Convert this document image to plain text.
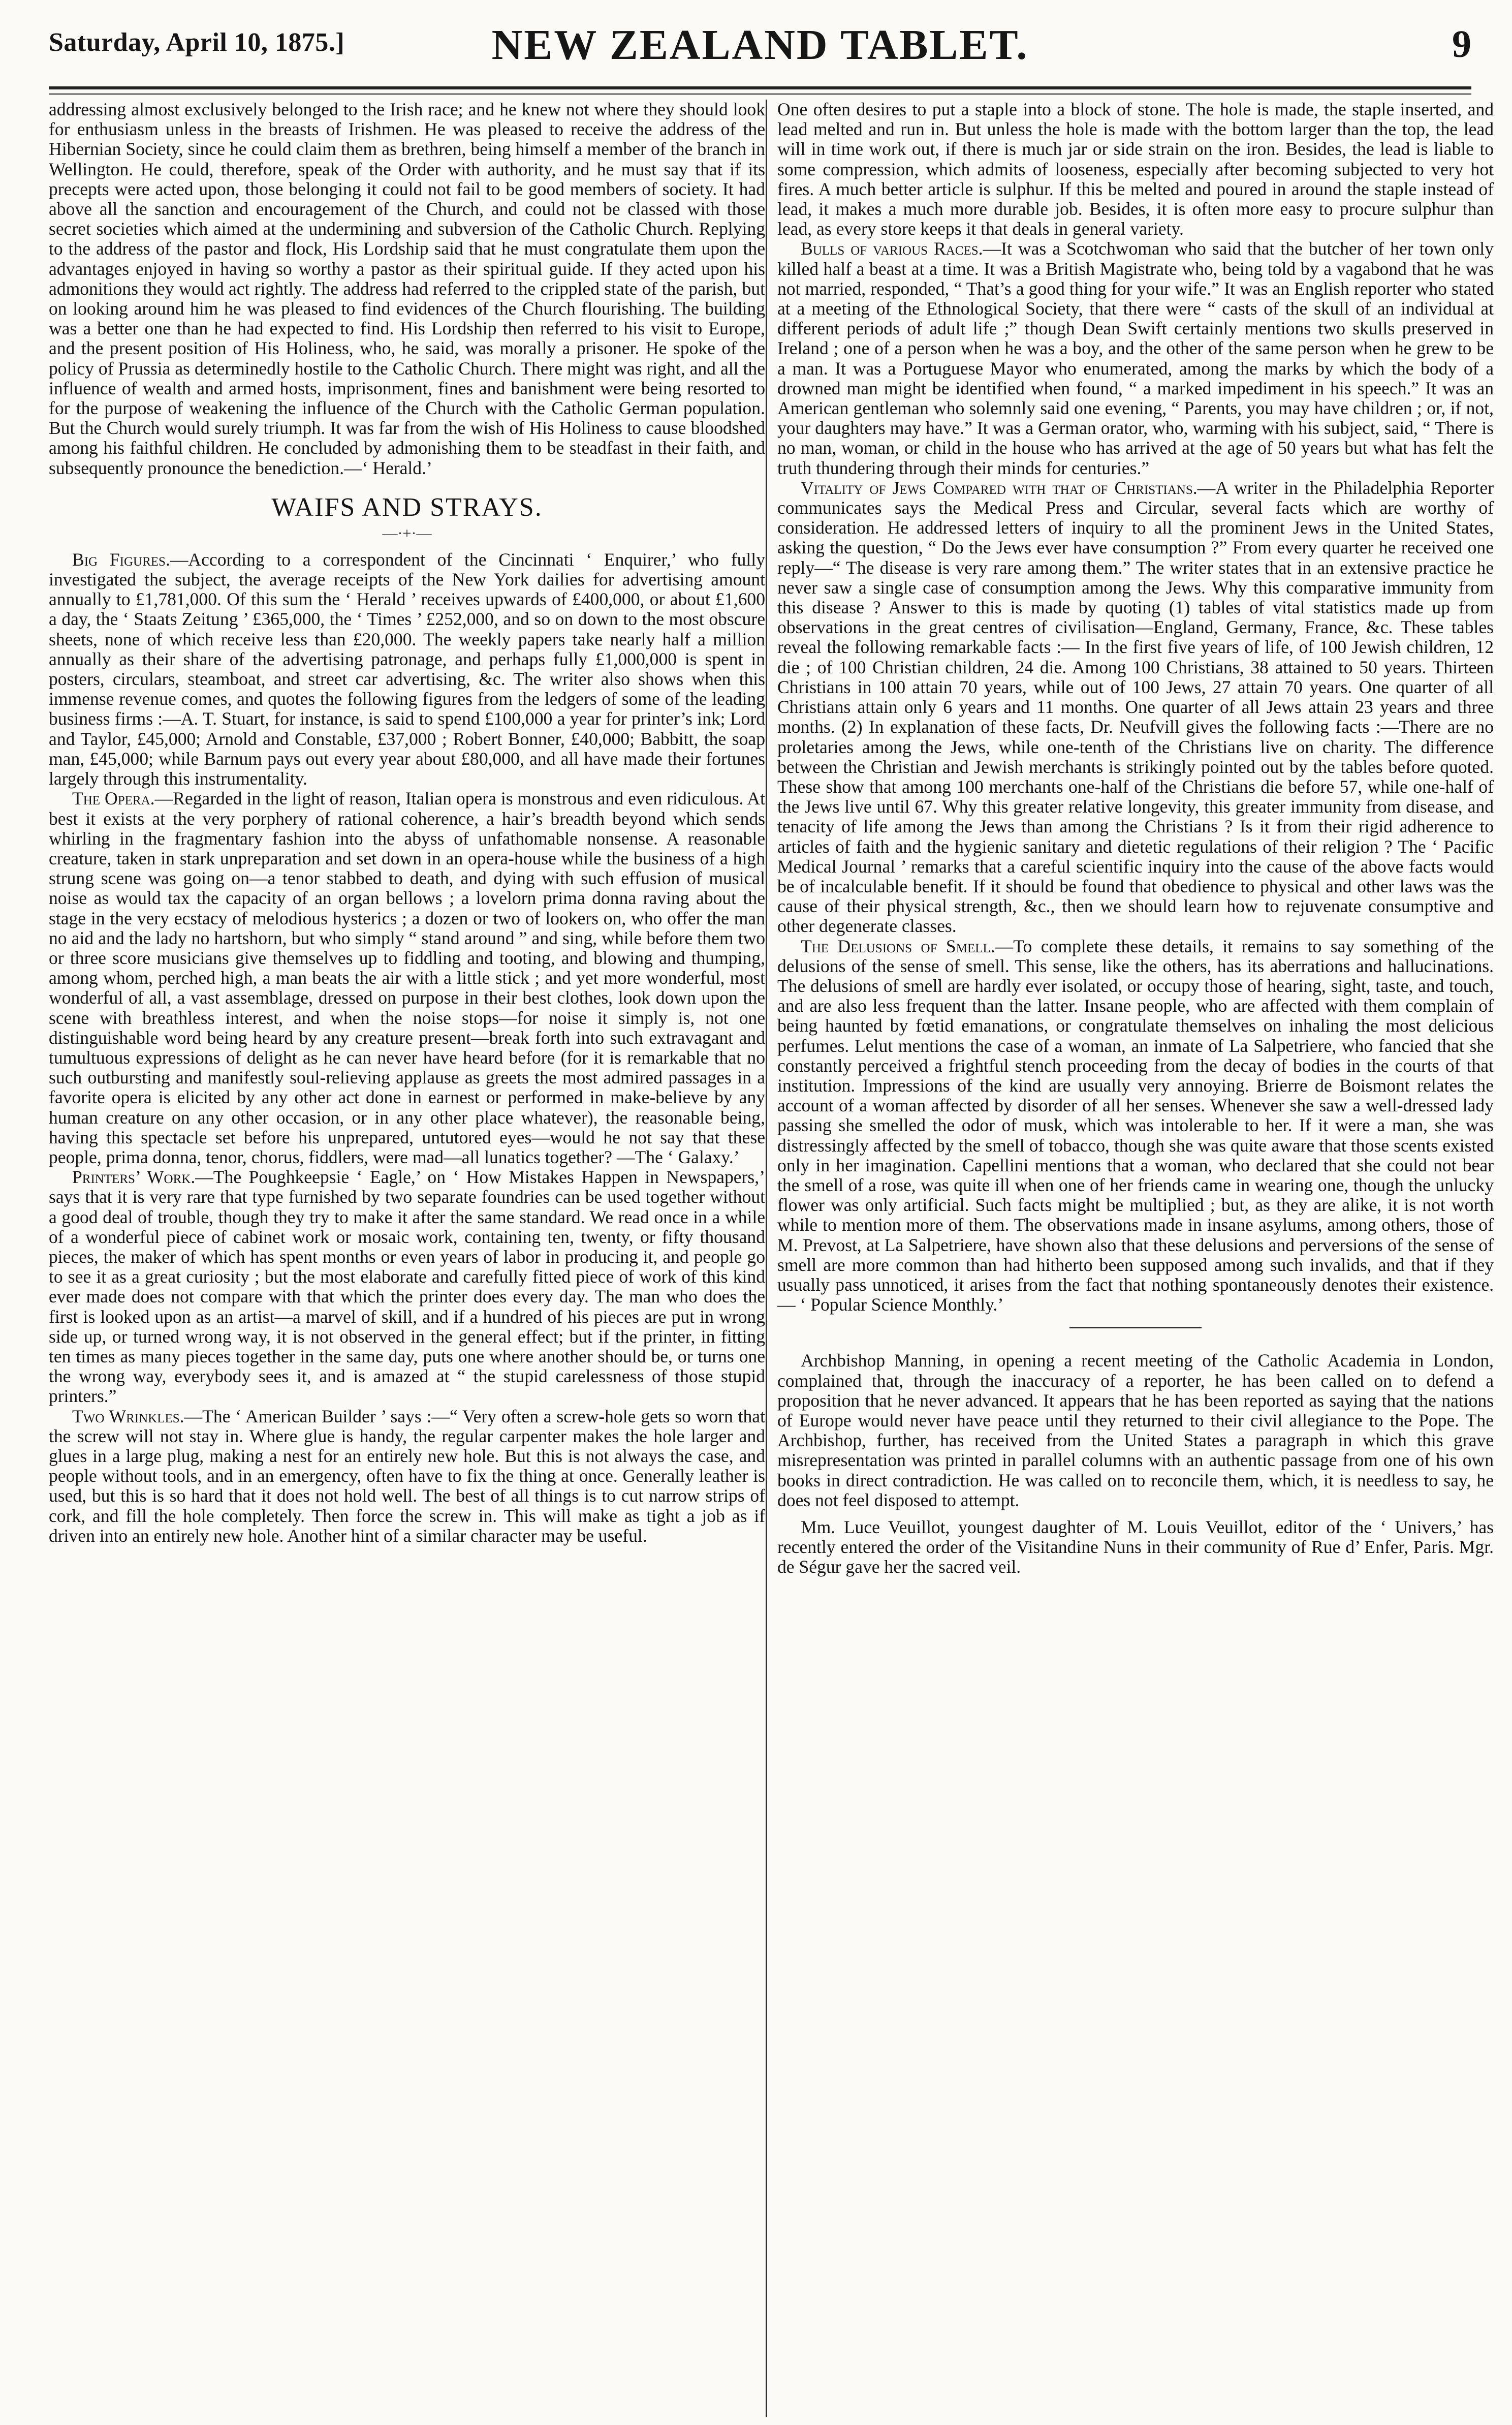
Saturday, April 10, 1875.]	NEW ZEALAND TABLET.	9

addressing almost exclusively belonged to the Irish race; and he knew not where they should look for enthusiasm unless in the breasts of Irishmen. He was pleased to receive the address of the Hibernian Society, since he could claim them as brethren, being himself a member of the branch in Wellington. He could, therefore, speak of the Order with authority, and he must say that if its precepts were acted upon, those belonging it could not fail to be good members of society. It had above all the sanction and encouragement of the Church, and could not be classed with those secret societies which aimed at the undermining and subversion of the Catholic Church. Replying to the address of the pastor and flock, His Lordship said that he must congratulate them upon the advantages enjoyed in having so worthy a pastor as their spiritual guide. If they acted upon his admonitions they would act rightly. The address had referred to the crippled state of the parish, but on looking around him he was pleased to find evidences of the Church flourishing. The building was a better one than he had expected to find. His Lordship then referred to his visit to Europe, and the present position of His Holiness, who, he said, was morally a prisoner. He spoke of the policy of Prussia as determinedly hostile to the Catholic Church. There might was right, and all the influence of wealth and armed hosts, imprisonment, fines and banishment were being resorted to for the purpose of weakening the influence of the Church with the Catholic German population. But the Church would surely triumph. It was far from the wish of His Holiness to cause bloodshed among his faithful children. He concluded by admonishing them to be steadfast in their faith, and subsequently pronounce the benediction.—‘ Herald.’

WAIFS AND STRAYS.
—·+·—

Big Figures.—According to a correspondent of the Cincinnati ‘ Enquirer,’ who fully investigated the subject, the average receipts of the New York dailies for advertising amount annually to £1,781,000. Of this sum the ‘ Herald ’ receives upwards of £400,000, or about £1,600 a day, the ‘ Staats Zeitung ’ £365,000, the ‘ Times ’ £252,000, and so on down to the most obscure sheets, none of which receive less than £20,000. The weekly papers take nearly half a million annually as their share of the advertising patronage, and perhaps fully £1,000,000 is spent in posters, circulars, steamboat, and street car advertising, &c. The writer also shows when this immense revenue comes, and quotes the following figures from the ledgers of some of the leading business firms :—A. T. Stuart, for instance, is said to spend £100,000 a year for printer’s ink; Lord and Taylor, £45,000; Arnold and Constable, £37,000 ; Robert Bonner, £40,000; Babbitt, the soap man, £45,000; while Barnum pays out every year about £80,000, and all have made their fortunes largely through this instrumentality.

The Opera.—Regarded in the light of reason, Italian opera is monstrous and even ridiculous. At best it exists at the very porphery of rational coherence, a hair’s breadth beyond which sends whirling in the fragmentary fashion into the abyss of unfathomable nonsense. A reasonable creature, taken in stark unpreparation and set down in an opera-house while the business of a high strung scene was going on—a tenor stabbed to death, and dying with such effusion of musical noise as would tax the capacity of an organ bellows ; a lovelorn prima donna raving about the stage in the very ecstacy of melodious hysterics ; a dozen or two of lookers on, who offer the man no aid and the lady no hartshorn, but who simply “ stand around ” and sing, while before them two or three score musicians give themselves up to fiddling and tooting, and blowing and thumping, among whom, perched high, a man beats the air with a little stick ; and yet more wonderful, most wonderful of all, a vast assemblage, dressed on purpose in their best clothes, look down upon the scene with breathless interest, and when the noise stops—for noise it simply is, not one distinguishable word being heard by any creature present—break forth into such extravagant and tumultuous expressions of delight as he can never have heard before (for it is remarkable that no such outbursting and manifestly soul-relieving applause as greets the most admired passages in a favorite opera is elicited by any other act done in earnest or performed in make-believe by any human creature on any other occasion, or in any other place whatever), the reasonable being, having this spectacle set before his unprepared, untutored eyes—would he not say that these people, prima donna, tenor, chorus, fiddlers, were mad—all lunatics together? —The ‘ Galaxy.’

Printers’ Work.—The Poughkeepsie ‘ Eagle,’ on ‘ How Mistakes Happen in Newspapers,’ says that it is very rare that type furnished by two separate foundries can be used together without a good deal of trouble, though they try to make it after the same standard. We read once in a while of a wonderful piece of cabinet work or mosaic work, containing ten, twenty, or fifty thousand pieces, the maker of which has spent months or even years of labor in producing it, and people go to see it as a great curiosity ; but the most elaborate and carefully fitted piece of work of this kind ever made does not compare with that which the printer does every day. The man who does the first is looked upon as an artist—a marvel of skill, and if a hundred of his pieces are put in wrong side up, or turned wrong way, it is not observed in the general effect; but if the printer, in fitting ten times as many pieces together in the same day, puts one where another should be, or turns one the wrong way, everybody sees it, and is amazed at “ the stupid carelessness of those stupid printers.”

Two Wrinkles.—The ‘ American Builder ’ says :—“ Very often a screw-hole gets so worn that the screw will not stay in. Where glue is handy, the regular carpenter makes the hole larger and glues in a large plug, making a nest for an entirely new hole. But this is not always the case, and people without tools, and in an emergency, often have to fix the thing at once. Generally leather is used, but this is so hard that it does not hold well. The best of all things is to cut narrow strips of cork, and fill the hole completely. Then force the screw in. This will make as tight a job as if driven into an entirely new hole. Another hint of a similar character may be useful.

One often desires to put a staple into a block of stone. The hole is made, the staple inserted, and lead melted and run in. But unless the hole is made with the bottom larger than the top, the lead will in time work out, if there is much jar or side strain on the iron. Besides, the lead is liable to some compression, which admits of looseness, especially after becoming subjected to very hot fires. A much better article is sulphur. If this be melted and poured in around the staple instead of lead, it makes a much more durable job. Besides, it is often more easy to procure sulphur than lead, as every store keeps it that deals in general variety.

Bulls of various Races.—It was a Scotchwoman who said that the butcher of her town only killed half a beast at a time. It was a British Magistrate who, being told by a vagabond that he was not married, responded, “ That’s a good thing for your wife.” It was an English reporter who stated at a meeting of the Ethnological Society, that there were “ casts of the skull of an individual at different periods of adult life ;” though Dean Swift certainly mentions two skulls preserved in Ireland ; one of a person when he was a boy, and the other of the same person when he grew to be a man. It was a Portuguese Mayor who enumerated, among the marks by which the body of a drowned man might be identified when found, “ a marked impediment in his speech.” It was an American gentleman who solemnly said one evening, “ Parents, you may have children ; or, if not, your daughters may have.” It was a German orator, who, warming with his subject, said, “ There is no man, woman, or child in the house who has arrived at the age of 50 years but what has felt the truth thundering through their minds for centuries.”

Vitality of Jews Compared with that of Christians.—A writer in the Philadelphia Reporter communicates says the Medical Press and Circular, several facts which are worthy of consideration. He addressed letters of inquiry to all the prominent Jews in the United States, asking the question, “ Do the Jews ever have consumption ?” From every quarter he received one reply—“ The disease is very rare among them.” The writer states that in an extensive practice he never saw a single case of consumption among the Jews. Why this comparative immunity from this disease ? Answer to this is made by quoting (1) tables of vital statistics made up from observations in the great centres of civilisation—England, Germany, France, &c. These tables reveal the following remarkable facts :— In the first five years of life, of 100 Jewish children, 12 die ; of 100 Christian children, 24 die. Among 100 Christians, 38 attained to 50 years. Thirteen Christians in 100 attain 70 years, while out of 100 Jews, 27 attain 70 years. One quarter of all Christians attain only 6 years and 11 months. One quarter of all Jews attain 23 years and three months. (2) In explanation of these facts, Dr. Neufvill gives the following facts :—There are no proletaries among the Jews, while one-tenth of the Christians live on charity. The difference between the Christian and Jewish merchants is strikingly pointed out by the tables before quoted. These show that among 100 merchants one-half of the Christians die before 57, while one-half of the Jews live until 67. Why this greater relative longevity, this greater immunity from disease, and tenacity of life among the Jews than among the Christians ? Is it from their rigid adherence to articles of faith and the hygienic sanitary and dietetic regulations of their religion ? The ‘ Pacific Medical Journal ’ remarks that a careful scientific inquiry into the cause of the above facts would be of incalculable benefit. If it should be found that obedience to physical and other laws was the cause of their physical strength, &c., then we should learn how to rejuvenate consumptive and other degenerate classes.

The Delusions of Smell.—To complete these details, it remains to say something of the delusions of the sense of smell. This sense, like the others, has its aberrations and hallucinations. The delusions of smell are hardly ever isolated, or occupy those of hearing, sight, taste, and touch, and are also less frequent than the latter. Insane people, who are affected with them complain of being haunted by fœtid emanations, or congratulate themselves on inhaling the most delicious perfumes. Lelut mentions the case of a woman, an inmate of La Salpetriere, who fancied that she constantly perceived a frightful stench proceeding from the decay of bodies in the courts of that institution. Impressions of the kind are usually very annoying. Brierre de Boismont relates the account of a woman affected by disorder of all her senses. Whenever she saw a well-dressed lady passing she smelled the odor of musk, which was intolerable to her. If it were a man, she was distressingly affected by the smell of tobacco, though she was quite aware that those scents existed only in her imagination. Capellini mentions that a woman, who declared that she could not bear the smell of a rose, was quite ill when one of her friends came in wearing one, though the unlucky flower was only artificial. Such facts might be multiplied ; but, as they are alike, it is not worth while to mention more of them. The observations made in insane asylums, among others, those of M. Prevost, at La Salpetriere, have shown also that these delusions and perversions of the sense of smell are more common than had hitherto been supposed among such invalids, and that if they usually pass unnoticed, it arises from the fact that nothing spontaneously denotes their existence.— ‘ Popular Science Monthly.’

Archbishop Manning, in opening a recent meeting of the Catholic Academia in London, complained that, through the inaccuracy of a reporter, he has been called on to defend a proposition that he never advanced. It appears that he has been reported as saying that the nations of Europe would never have peace until they returned to their civil allegiance to the Pope. The Archbishop, further, has received from the United States a paragraph in which this grave misrepresentation was printed in parallel columns with an authentic passage from one of his own books in direct contradiction. He was called on to reconcile them, which, it is needless to say, he does not feel disposed to attempt.

Mm. Luce Veuillot, youngest daughter of M. Louis Veuillot, editor of the ‘ Univers,’ has recently entered the order of the Visitandine Nuns in their community of Rue d’ Enfer, Paris. Mgr. de Ségur gave her the sacred veil.
